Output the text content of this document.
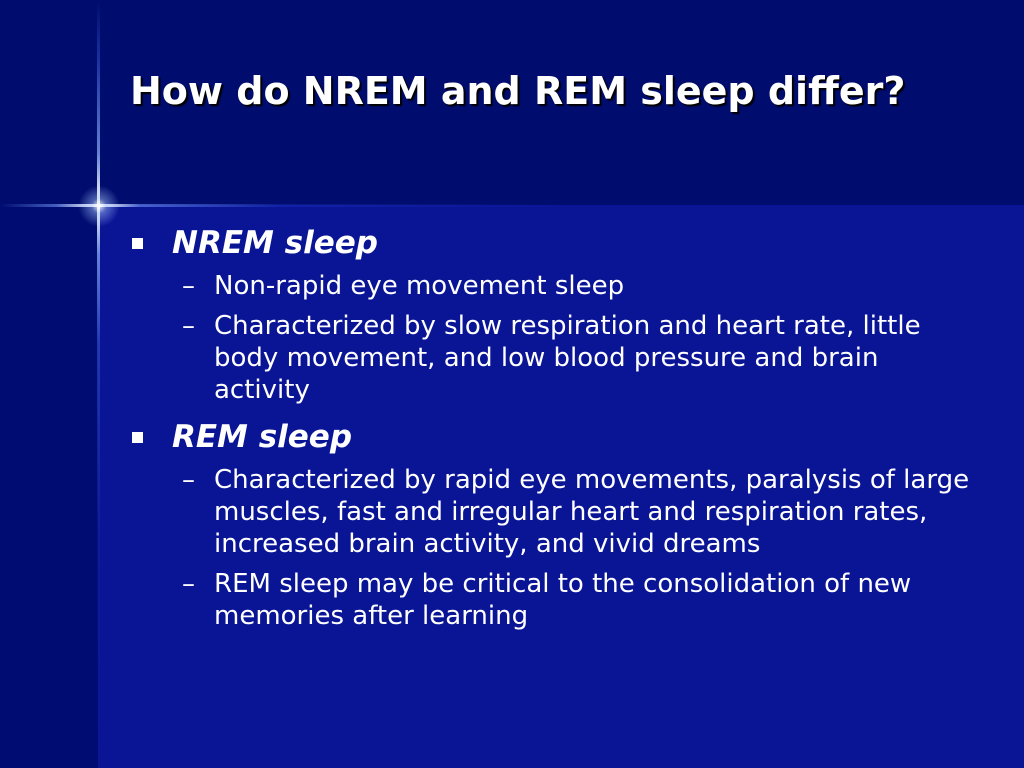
How do NREM and REM sleep differ?
NREM sleep
– Non-rapid eye movement sleep
– Characterized by slow respiration and heart rate, little body movement, and low blood pressure and brain activity
REM sleep
– Characterized by rapid eye movements, paralysis of large muscles, fast and irregular heart and respiration rates, increased brain activity, and vivid dreams
– REM sleep may be critical to the consolidation of new memories after learning
